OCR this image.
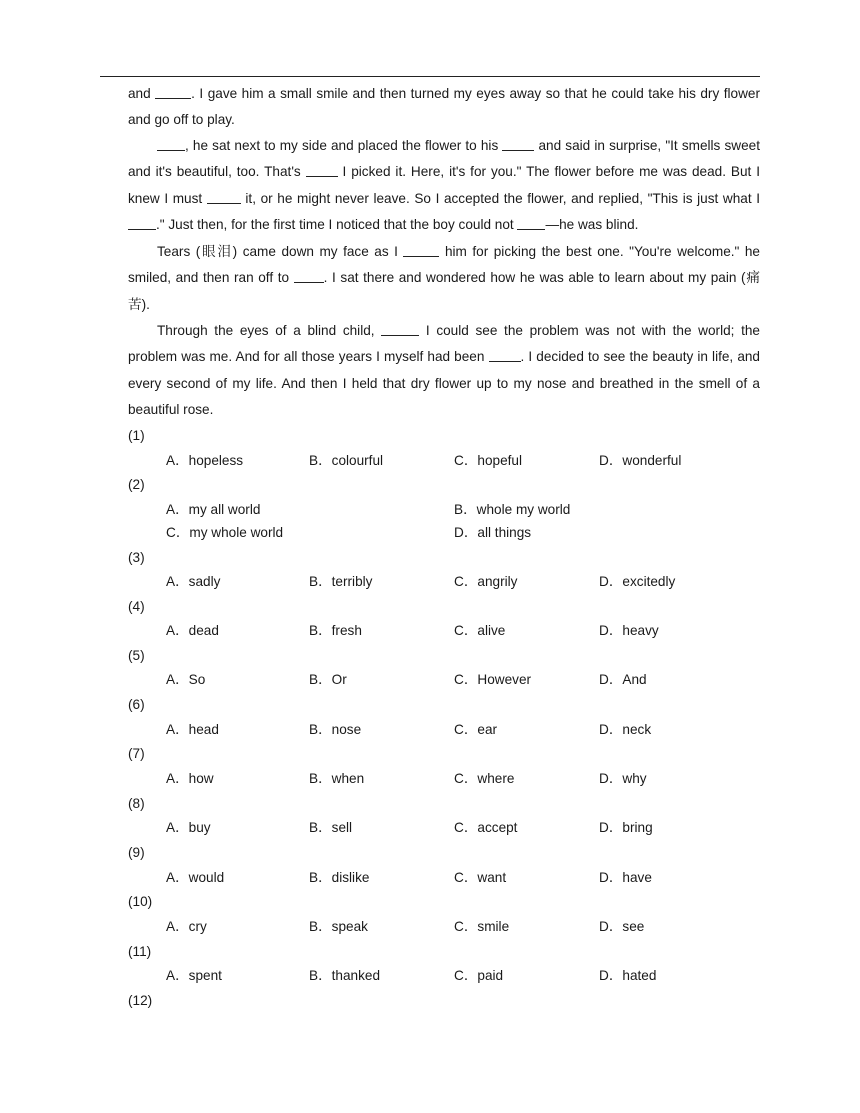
and	. I gave him a small smile and then turned my eyes away so that he could take his dry flower and go off to play.

, he sat next to my side and placed the flower to his  and said in surprise, "It smells sweet and it's beautiful, too. That's  I picked it. Here, it's for you." The flower before me was dead. But I knew I must	it, or he might never leave. So I accepted the flower, and replied, "This is just what I ." Just then, for the first time I noticed that the boy could not —he was blind.

Tears (眼泪) came down my face as I	him for picking the best one. "You're welcome." he smiled, and then ran off to . I sat there and wondered how he was able to learn about my pain (痛苦).

Through the eyes of a blind child,	I could see the problem was not with the world; the problem was me. And for all those years I myself had been . I decided to see the beauty in life, and every second of my life. And then I held that dry flower up to my nose and breathed in the smell of a beautiful rose.

(1)
A．hopeless	B．colourful	C．hopeful	D．wonderful
(2)
A．my all world	B．whole my world
C．my whole world	D．all things
(3)
A．sadly	B．terribly	C．angrily	D．excitedly
(4)
A．dead	B．fresh	C．alive	D．heavy
(5)
A．So	B．Or	C．However	D．And
(6)
A．head	B．nose	C．ear	D．neck
(7)
A．how	B．when	C．where	D．why
(8)
A．buy	B．sell	C．accept	D．bring
(9)
A．would	B．dislike	C．want	D．have
(10)
A．cry	B．speak	C．smile	D．see
(11)
A．spent	B．thanked	C．paid	D．hated
(12)
